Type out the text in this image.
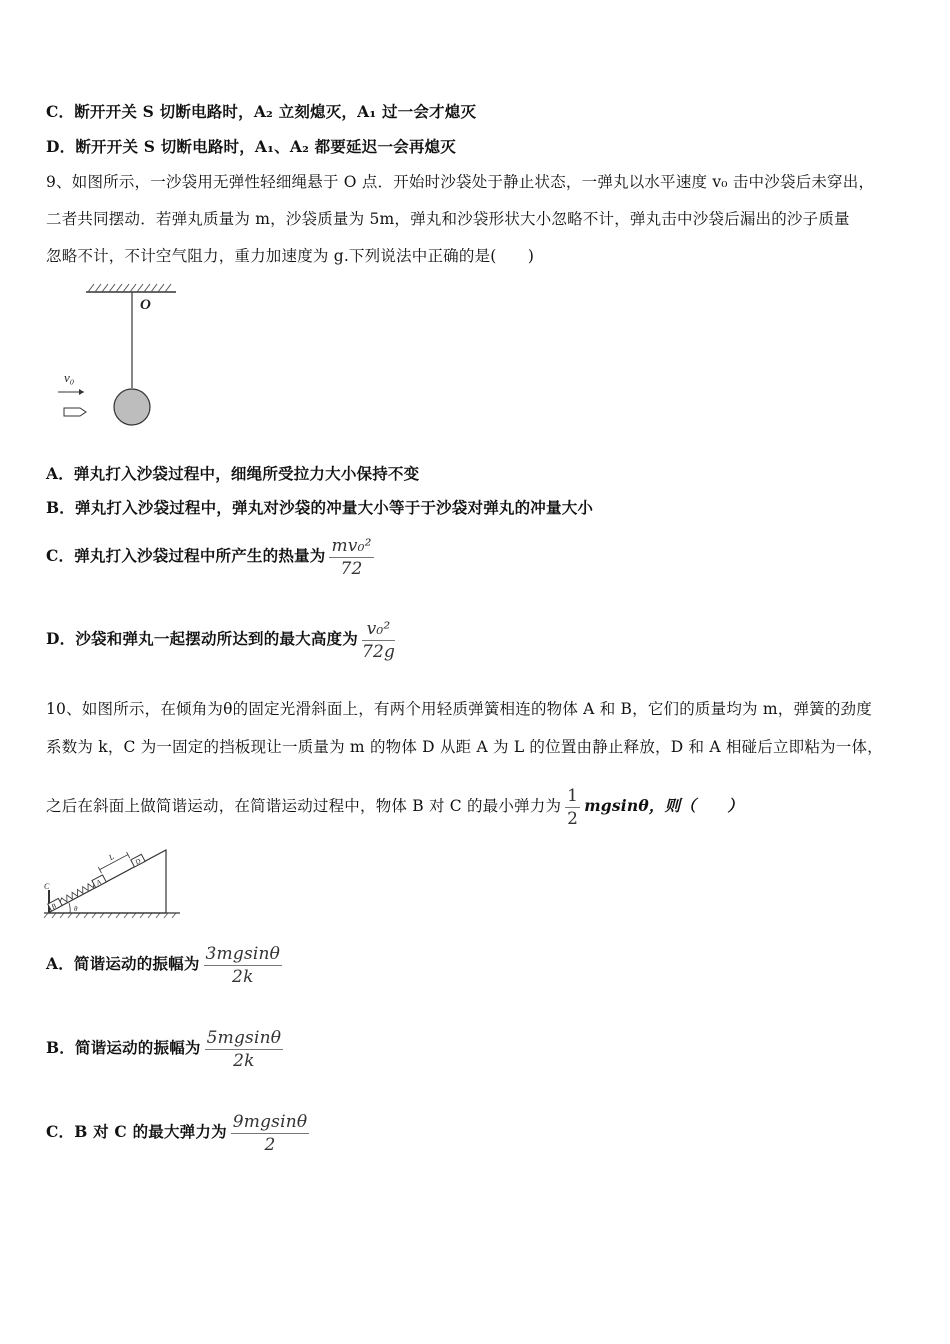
C．断开开关 S 切断电路时，A₂ 立刻熄灭，A₁ 过一会才熄灭
D．断开开关 S 切断电路时，A₁、A₂ 都要延迟一会再熄灭
9、如图所示，一沙袋用无弹性轻细绳悬于 O 点．开始时沙袋处于静止状态，一弹丸以水平速度 v₀ 击中沙袋后未穿出，
二者共同摆动．若弹丸质量为 m，沙袋质量为 5m，弹丸和沙袋形状大小忽略不计，弹丸击中沙袋后漏出的沙子质量
忽略不计，不计空气阻力，重力加速度为 g.下列说法中正确的是(　　)
O
v₀
A．弹丸打入沙袋过程中，细绳所受拉力大小保持不变
B．弹丸打入沙袋过程中，弹丸对沙袋的冲量大小等于于沙袋对弹丸的冲量大小
C．弹丸打入沙袋过程中所产生的热量为 $\frac{\text{mv₀²}}{72}$
D．沙袋和弹丸一起摆动所达到的最大高度为 $\frac{\text{v₀²}}{72g}$
10、如图所示，在倾角为θ的固定光滑斜面上，有两个用轻质弹簧相连的物体 A 和 B，它们的质量均为 m，弹簧的劲度
系数为 k，C 为一固定的挡板现让一质量为 m 的物体 D 从距 A 为 L 的位置由静止释放，D 和 A 相碰后立即粘为一体，
之后在斜面上做简谐运动，在简谐运动过程中，物体 B 对 C 的最小弹力为 $\frac{1}{2}$ mgsinθ，则（　　）
C
B
A
D
L
θ
A．简谐运动的振幅为 $\frac{3mgsin\theta}{2k}$
B．简谐运动的振幅为 $\frac{5mgsin\theta}{2k}$
C．B 对 C 的最大弹力为 $\frac{9mgsin\theta}{2}$
